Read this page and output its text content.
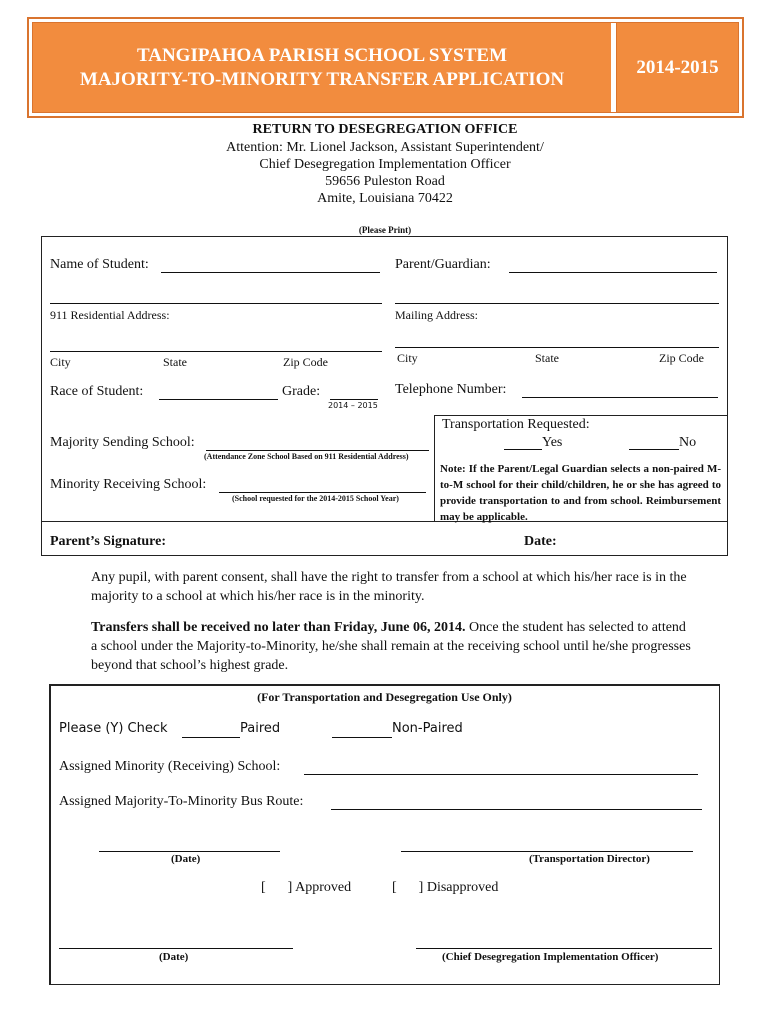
TANGIPAHOA PARISH SCHOOL SYSTEM
MAJORITY-TO-MINORITY TRANSFER APPLICATION
2014-2015
RETURN TO DESEGREGATION OFFICE
Attention: Mr. Lionel Jackson, Assistant Superintendent/
Chief Desegregation Implementation Officer
59656 Puleston Road
Amite, Louisiana 70422
(Please Print)
Name of Student:	Parent/Guardian:
911 Residential Address:	Mailing Address:
City	State	Zip Code	City	State	Zip Code
Race of Student:	Grade:
2014 – 2015
Telephone Number:
Majority Sending School:
(Attendance Zone School Based on 911 Residential Address)
Minority Receiving School:
(School requested for the 2014-2015 School Year)
Transportation Requested:
Yes	No
Note: If the Parent/Legal Guardian selects a non-paired M-to-M school for their child/children, he or she has agreed to provide transportation to and from school. Reimbursement may be applicable.
Parent’s Signature:	Date:
Any pupil, with parent consent, shall have the right to transfer from a school at which his/her race is in the majority to a school at which his/her race is in the minority.
Transfers shall be received no later than Friday, June 06, 2014. Once the student has selected to attend a school under the Majority-to-Minority, he/she shall remain at the receiving school until he/she progresses beyond that school’s highest grade.
(For Transportation and Desegregation Use Only)
Please (Y) Check	Paired	Non-Paired
Assigned Minority (Receiving) School:
Assigned Majority-To-Minority Bus Route:
(Date)	(Transportation Director)
[ ] Approved	[ ] Disapproved
(Date)	(Chief Desegregation Implementation Officer)
